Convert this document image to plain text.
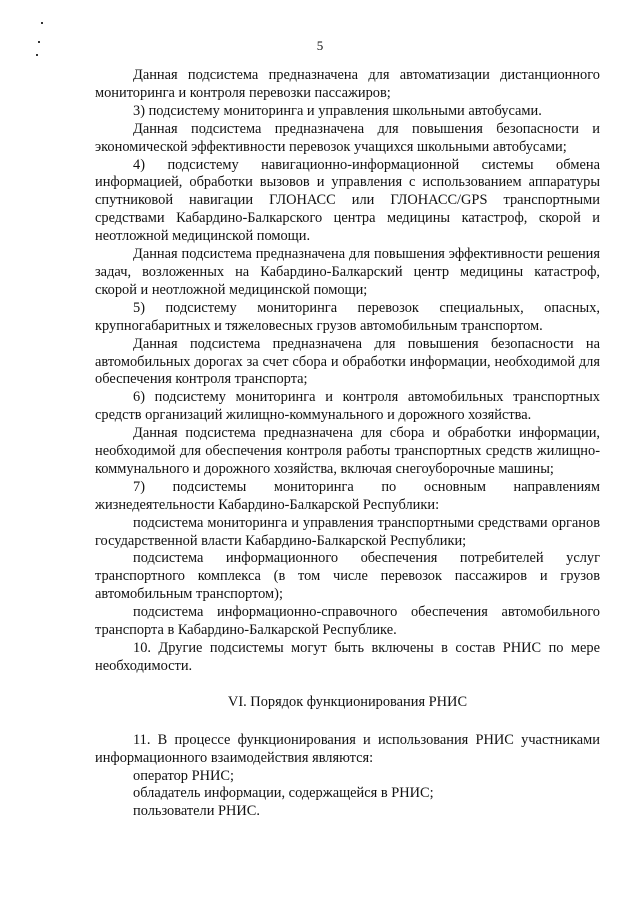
5

Данная подсистема предназначена для автоматизации дистанционного мониторинга и контроля перевозки пассажиров;

3) подсистему мониторинга и управления школьными автобусами.

Данная подсистема предназначена для повышения безопасности и экономической эффективности перевозок учащихся школьными автобусами;

4) подсистему навигационно-информационной системы обмена информацией, обработки вызовов и управления с использованием аппаратуры спутниковой навигации ГЛОНАСС или ГЛОНАСС/GPS транспортными средствами Кабардино-Балкарского центра медицины катастроф, скорой и неотложной медицинской помощи.

Данная подсистема предназначена для повышения эффективности решения задач, возложенных на Кабардино-Балкарский центр медицины катастроф, скорой и неотложной медицинской помощи;

5) подсистему мониторинга перевозок специальных, опасных, крупногабаритных и тяжеловесных грузов автомобильным транспортом.

Данная подсистема предназначена для повышения безопасности на автомобильных дорогах за счет сбора и обработки информации, необходимой для обеспечения контроля транспорта;

6) подсистему мониторинга и контроля автомобильных транспортных средств организаций жилищно-коммунального и дорожного хозяйства.

Данная подсистема предназначена для сбора и обработки информации, необходимой для обеспечения контроля работы транспортных средств жилищно-коммунального и дорожного хозяйства, включая снегоуборочные машины;

7) подсистемы мониторинга по основным направлениям жизнедеятельности Кабардино-Балкарской Республики:

подсистема мониторинга и управления транспортными средствами органов государственной власти Кабардино-Балкарской Республики;

подсистема информационного обеспечения потребителей услуг транспортного комплекса (в том числе перевозок пассажиров и грузов автомобильным транспортом);

подсистема информационно-справочного обеспечения автомобильного транспорта в Кабардино-Балкарской Республике.

10. Другие подсистемы могут быть включены в состав РНИС по мере необходимости.

VI. Порядок функционирования РНИС

11. В процессе функционирования и использования РНИС участниками информационного взаимодействия являются:

оператор РНИС;

обладатель информации, содержащейся в РНИС;

пользователи РНИС.
